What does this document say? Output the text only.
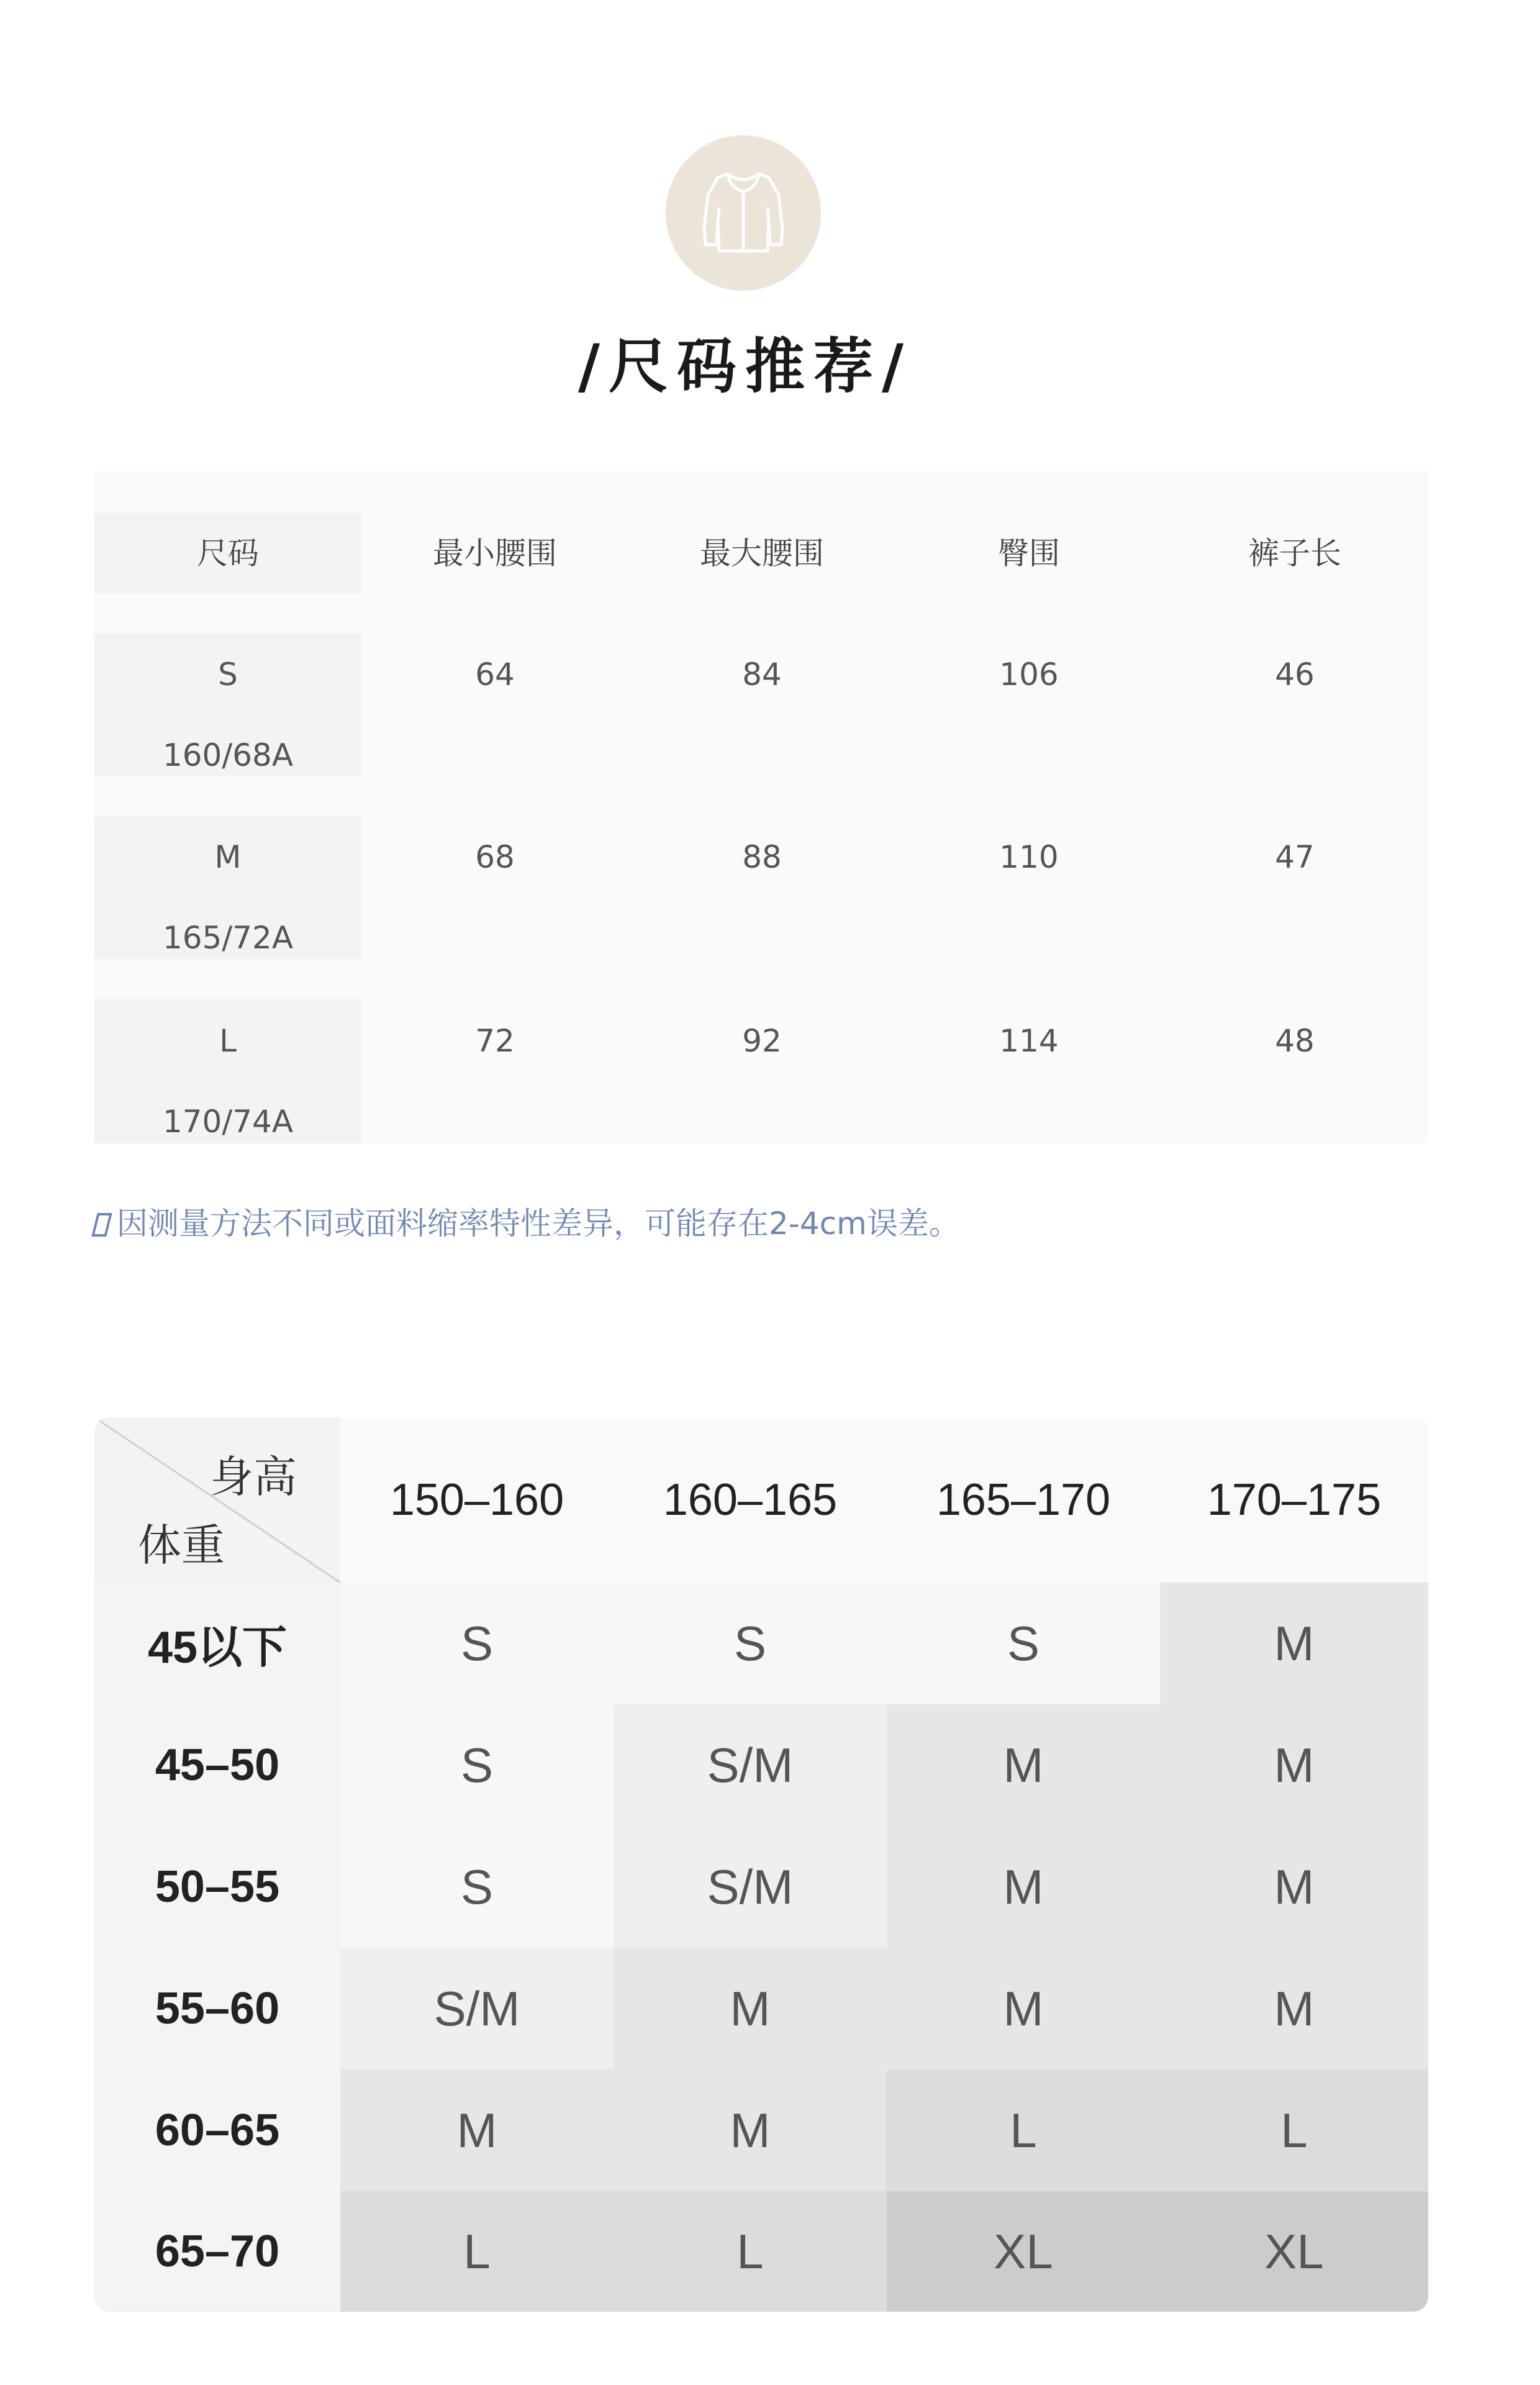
/尺码推荐/
尺码	最小腰围	最大腰围	臀围	裤子长
S
160/68A
64	84	106	46
M
165/72A
68	88	110	47
L
170/74A
72	92	114	48
因测量方法不同或面料缩率特性差异，可能存在2-4cm误差。
身高
体重
150–160	160–165	165–170	170–175
45以下	S	S	S	M
45–50	S	S/M	M	M
50–55	S	S/M	M	M
55–60	S/M	M	M	M
60–65	M	M	L	L
65–70	L	L	XL	XL
